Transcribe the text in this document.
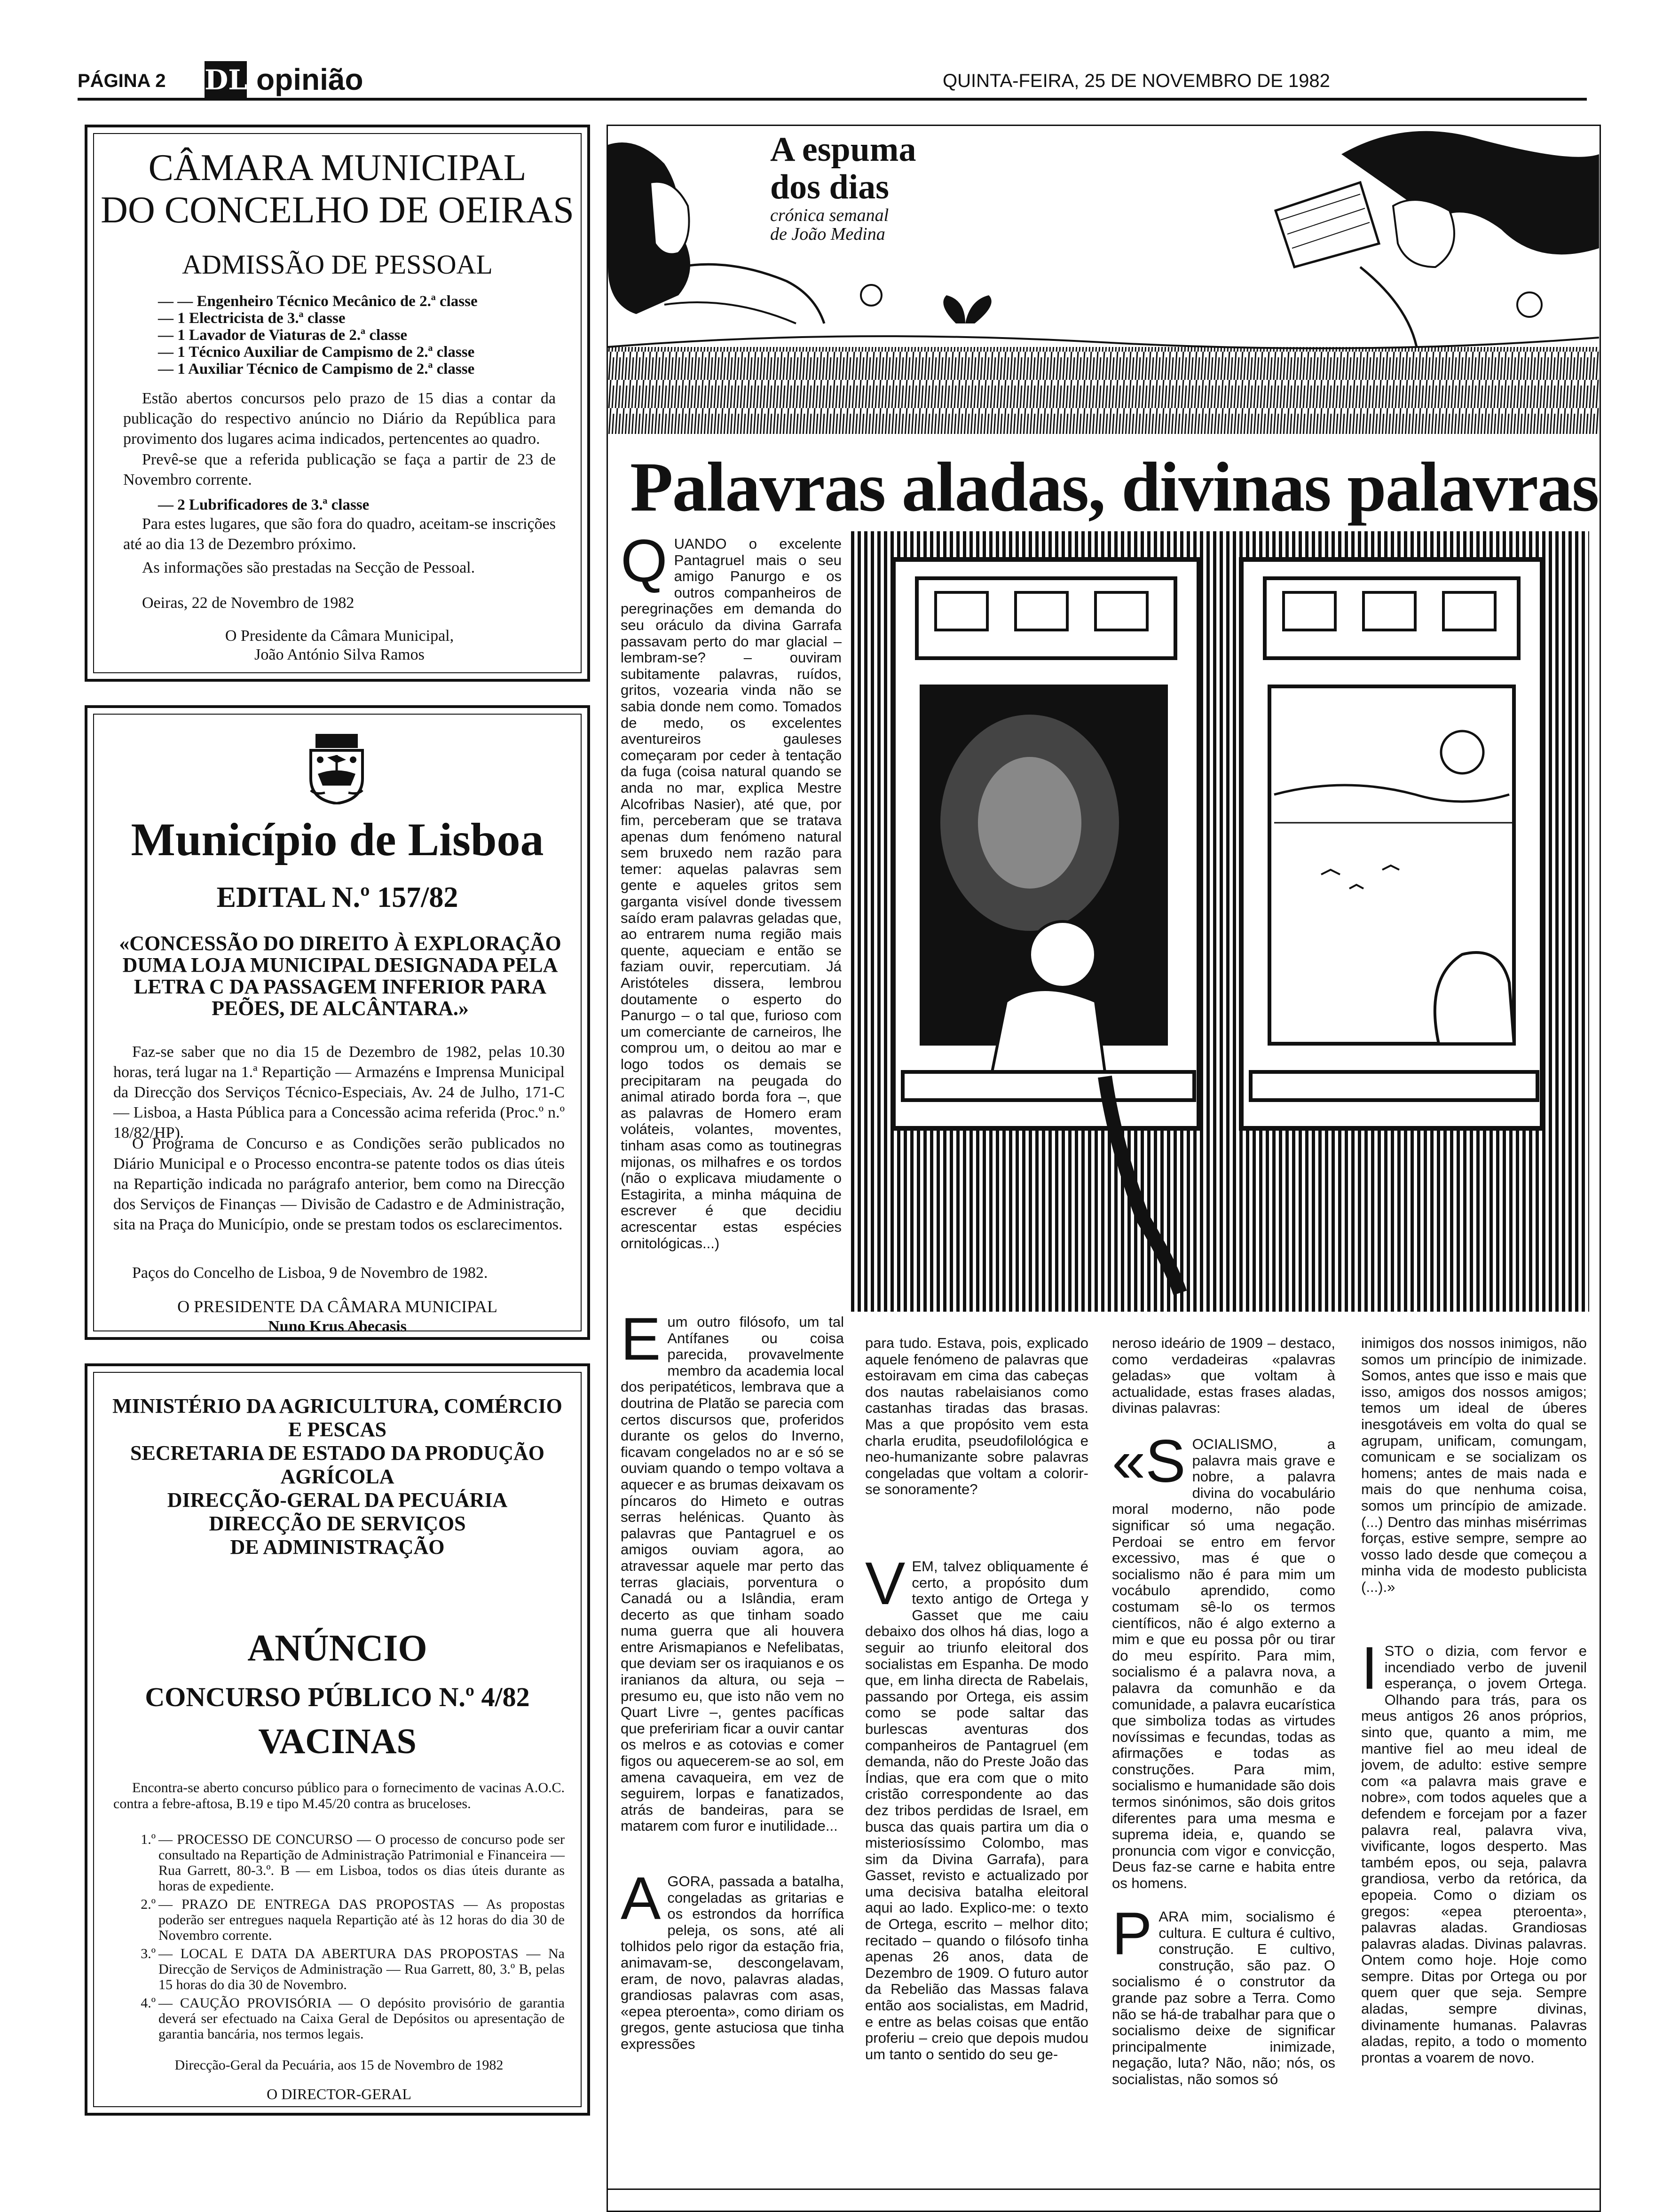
PÁGINA 2 DL opinião	QUINTA-FEIRA, 25 DE NOVEMBRO DE 1982
CÂMARA MUNICIPAL
DO CONCELHO DE OEIRAS
ADMISSÃO DE PESSOAL
— — Engenheiro Técnico Mecânico de 2.ª classe
— 1 Electricista de 3.ª classe
— 1 Lavador de Viaturas de 2.ª classe
— 1 Técnico Auxiliar de Campismo de 2.ª classe
— 1 Auxiliar Técnico de Campismo de 2.ª classe
Estão abertos concursos pelo prazo de 15 dias a contar da publicação do respectivo anúncio no Diário da República para provimento dos lugares acima indicados, pertencentes ao quadro.
Prevê-se que a referida publicação se faça a partir de 23 de Novembro corrente.
— 2 Lubrificadores de 3.ª classe
Para estes lugares, que são fora do quadro, aceitam-se inscrições até ao dia 13 de Dezembro próximo.
As informações são prestadas na Secção de Pessoal.
Oeiras, 22 de Novembro de 1982
O Presidente da Câmara Municipal,
João António Silva Ramos
Município de Lisboa
EDITAL N.º 157/82
«CONCESSÃO DO DIREITO À EXPLORAÇÃO DUMA LOJA MUNICIPAL DESIGNADA PELA LETRA C DA PASSAGEM INFERIOR PARA PEÕES, DE ALCÂNTARA.»
Faz-se saber que no dia 15 de Dezembro de 1982, pelas 10.30 horas, terá lugar na 1.ª Repartição — Armazéns e Imprensa Municipal da Direcção dos Serviços Técnico-Especiais, Av. 24 de Julho, 171-C — Lisboa, a Hasta Pública para a Concessão acima referida (Proc.º n.º 18/82/HP).
O Programa de Concurso e as Condições serão publicados no Diário Municipal e o Processo encontra-se patente todos os dias úteis na Repartição indicada no parágrafo anterior, bem como na Direcção dos Serviços de Finanças — Divisão de Cadastro e de Administração, sita na Praça do Município, onde se prestam todos os esclarecimentos.
Paços do Concelho de Lisboa, 9 de Novembro de 1982.
O PRESIDENTE DA CÂMARA MUNICIPAL
Nuno Krus Abecasis
MINISTÉRIO DA AGRICULTURA, COMÉRCIO
E PESCAS
SECRETARIA DE ESTADO DA PRODUÇÃO
AGRÍCOLA
DIRECÇÃO-GERAL DA PECUÁRIA
DIRECÇÃO DE SERVIÇOS
DE ADMINISTRAÇÃO
ANÚNCIO
CONCURSO PÚBLICO N.º 4/82
VACINAS
Encontra-se aberto concurso público para o fornecimento de vacinas A.O.C. contra a febre-aftosa, B.19 e tipo M.45/20 contra as bruceloses.
1.º — PROCESSO DE CONCURSO — O processo de concurso pode ser consultado na Repartição de Administração Patrimonial e Financeira — Rua Garrett, 80-3.º. B — em Lisboa, todos os dias úteis durante as horas de expediente.
2.º — PRAZO DE ENTREGA DAS PROPOSTAS — As propostas poderão ser entregues naquela Repartição até às 12 horas do dia 30 de Novembro corrente.
3.º — LOCAL E DATA DA ABERTURA DAS PROPOSTAS — Na Direcção de Serviços de Administração — Rua Garrett, 80, 3.º B, pelas 15 horas do dia 30 de Novembro.
4.º — CAUÇÃO PROVISÓRIA — O depósito provisório de garantia deverá ser efectuado na Caixa Geral de Depósitos ou apresentação de garantia bancária, nos termos legais.
Direcção-Geral da Pecuária, aos 15 de Novembro de 1982
O DIRECTOR-GERAL
A espuma
dos dias
crónica semanal
de João Medina
Palavras aladas, divinas palavras
QUANDO o excelente Pantagruel mais o seu amigo Panurgo e os outros companheiros de peregrinações em demanda do seu oráculo da divina Garrafa passavam perto do mar glacial – lembram-se? – ouviram subitamente palavras, ruídos, gritos, vozearia vinda não se sabia donde nem como. Tomados de medo, os excelentes aventureiros gauleses começaram por ceder à tentação da fuga (coisa natural quando se anda no mar, explica Mestre Alcofribas Nasier), até que, por fim, perceberam que se tratava apenas dum fenómeno natural sem bruxedo nem razão para temer: aquelas palavras sem gente e aqueles gritos sem garganta visível donde tivessem saído eram palavras geladas que, ao entrarem numa região mais quente, aqueciam e então se faziam ouvir, repercutiam. Já Aristóteles dissera, lembrou doutamente o esperto do Panurgo – o tal que, furioso com um comerciante de carneiros, lhe comprou um, o deitou ao mar e logo todos os demais se precipitaram na peugada do animal atirado borda fora –, que as palavras de Homero eram voláteis, volantes, moventes, tinham asas como as toutinegras mijonas, os milhafres e os tordos (não o explicava miudamente o Estagirita, a minha máquina de escrever é que decidiu acrescentar estas espécies ornitológicas...)
Eum outro filósofo, um tal Antífanes ou coisa parecida, provavelmente membro da academia local dos peripatéticos, lembrava que a doutrina de Platão se parecia com certos discursos que, proferidos durante os gelos do Inverno, ficavam congelados no ar e só se ouviam quando o tempo voltava a aquecer e as brumas deixavam os píncaros do Himeto e outras serras helénicas. Quanto às palavras que Pantagruel e os amigos ouviam agora, ao atravessar aquele mar perto das terras glaciais, porventura o Canadá ou a Islândia, eram decerto as que tinham soado numa guerra que ali houvera entre Arismapianos e Nefelibatas, que deviam ser os iraquianos e os iranianos da altura, ou seja – presumo eu, que isto não vem no Quart Livre –, gentes pacíficas que prefeririam ficar a ouvir cantar os melros e as cotovias e comer figos ou aquecerem-se ao sol, em amena cavaqueira, em vez de seguirem, lorpas e fanatizados, atrás de bandeiras, para se matarem com furor e inutilidade...
AGORA, passada a batalha, congeladas as gritarias e os estrondos da horrífica peleja, os sons, até ali tolhidos pelo rigor da estação fria, animavam-se, descongelavam, eram, de novo, palavras aladas, grandiosas palavras com asas, «epea pteroenta», como diriam os gregos, gente astuciosa que tinha expressões
para tudo. Estava, pois, explicado aquele fenómeno de palavras que estoiravam em cima das cabeças dos nautas rabelaisianos como castanhas tiradas das brasas. Mas a que propósito vem esta charla erudita, pseudofilológica e neo-humanizante sobre palavras congeladas que voltam a colorir-se sonoramente?
VEM, talvez obliquamente é certo, a propósito dum texto antigo de Ortega y Gasset que me caiu debaixo dos olhos há dias, logo a seguir ao triunfo eleitoral dos socialistas em Espanha. De modo que, em linha directa de Rabelais, passando por Ortega, eis assim como se pode saltar das burlescas aventuras dos companheiros de Pantagruel (em demanda, não do Preste João das Índias, que era com que o mito cristão correspondente ao das dez tribos perdidas de Israel, em busca das quais partira um dia o misteriosíssimo Colombo, mas sim da Divina Garrafa), para Gasset, revisto e actualizado por uma decisiva batalha eleitoral aqui ao lado. Explico-me: o texto de Ortega, escrito – melhor dito; recitado – quando o filósofo tinha apenas 26 anos, data de Dezembro de 1909. O futuro autor da Rebelião das Massas falava então aos socialistas, em Madrid, e entre as belas coisas que então proferiu – creio que depois mudou um tanto o sentido do seu ge-
neroso ideário de 1909 – destaco, como verdadeiras «palavras geladas» que voltam à actualidade, estas frases aladas, divinas palavras:
«SOCIALISMO, a palavra mais grave e nobre, a palavra divina do vocabulário moral moderno, não pode significar só uma negação. Perdoai se entro em fervor excessivo, mas é que o socialismo não é para mim um vocábulo aprendido, como costumam sê-lo os termos científicos, não é algo externo a mim e que eu possa pôr ou tirar do meu espírito. Para mim, socialismo é a palavra nova, a palavra da comunhão e da comunidade, a palavra eucarística que simboliza todas as virtudes novíssimas e fecundas, todas as afirmações e todas as construções. Para mim, socialismo e humanidade são dois termos sinónimos, são dois gritos diferentes para uma mesma e suprema ideia, e, quando se pronuncia com vigor e convicção, Deus faz-se carne e habita entre os homens.
PARA mim, socialismo é cultura. E cultura é cultivo, construção. E cultivo, construção, são paz. O socialismo é o construtor da grande paz sobre a Terra. Como não se há-de trabalhar para que o socialismo deixe de significar principalmente inimizade, negação, luta? Não, não; nós, os socialistas, não somos só
inimigos dos nossos inimigos, não somos um princípio de inimizade. Somos, antes que isso e mais que isso, amigos dos nossos amigos; temos um ideal de úberes inesgotáveis em volta do qual se agrupam, unificam, comungam, comunicam e se socializam os homens; antes de mais nada e mais do que nenhuma coisa, somos um princípio de amizade. (...) Dentro das minhas misérrimas forças, estive sempre, sempre ao vosso lado desde que começou a minha vida de modesto publicista (...).»
ISTO o dizia, com fervor e incendiado verbo de juvenil esperança, o jovem Ortega. Olhando para trás, para os meus antigos 26 anos próprios, sinto que, quanto a mim, me mantive fiel ao meu ideal de jovem, de adulto: estive sempre com «a palavra mais grave e nobre», com todos aqueles que a defendem e forcejam por a fazer palavra real, palavra viva, vivificante, logos desperto. Mas também epos, ou seja, palavra grandiosa, verbo da retórica, da epopeia. Como o diziam os gregos: «epea pteroenta», palavras aladas. Grandiosas palavras aladas. Divinas palavras. Ontem como hoje. Hoje como sempre. Ditas por Ortega ou por quem quer que seja. Sempre aladas, sempre divinas, divinamente humanas. Palavras aladas, repito, a todo o momento prontas a voarem de novo.
